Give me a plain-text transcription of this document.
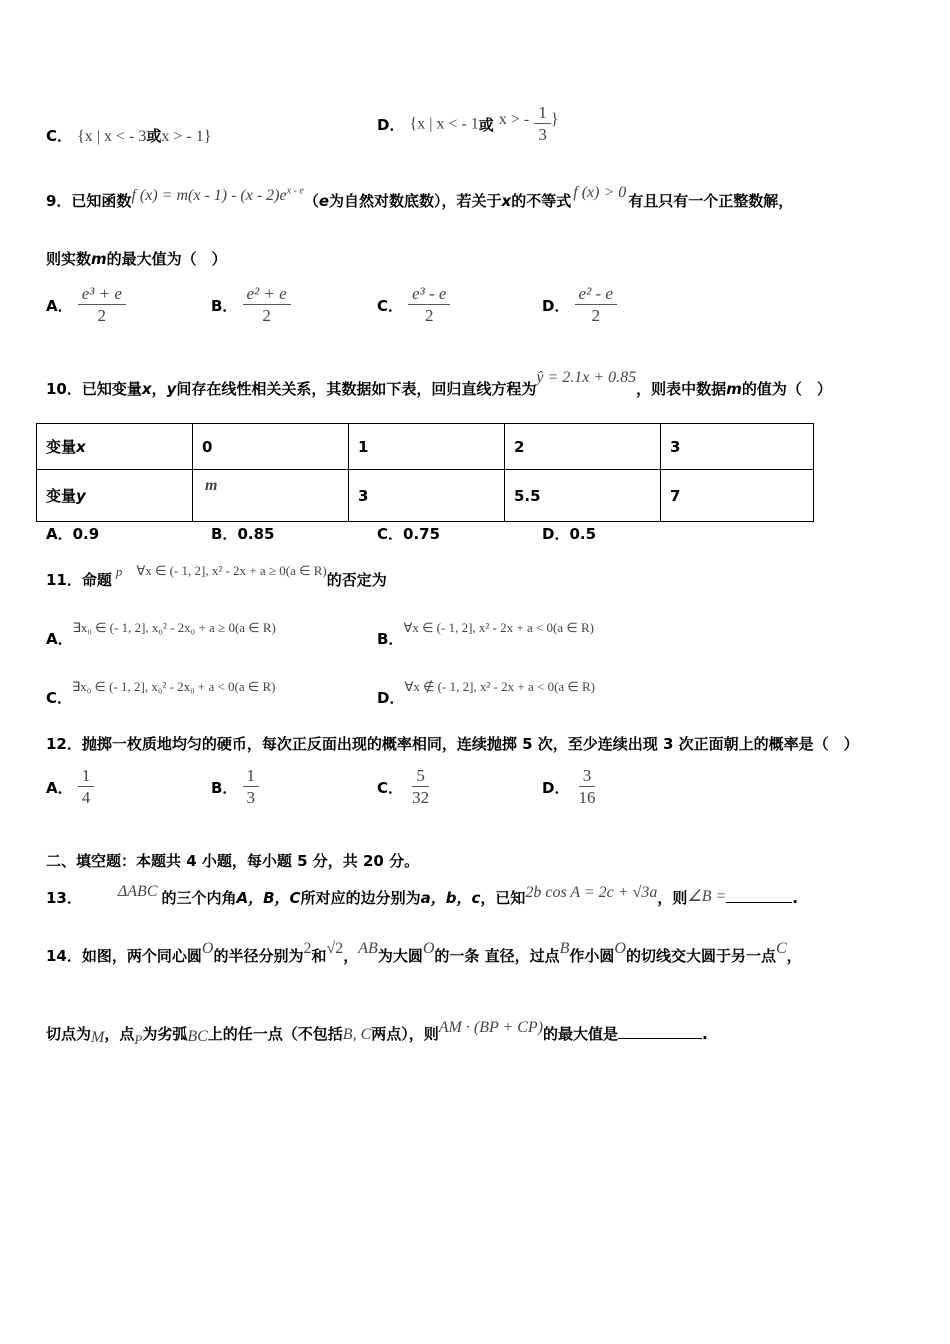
C． {x | x < - 3或x > - 1}
D． {x | x < - 1或 x > - $\frac{1}{3}$ }
9．已知函数f $(x) = m(x - 1) - (x - 2)e^{x - e}(e$为自然对数底数），若关于x的不等式 f (x) > 0 有且只有一个正整数解，
则实数m的最大值为（　）
A． $\frac{\text{e³ + e}}{2}$	B． $\frac{\text{e² + e}}{2}$	C． $\frac{\text{e³ - e}}{2}$	D． $\frac{\text{e² - e}}{2}$
10．已知变量x，y间存在线性相关关系，其数据如下表，回归直线方程为ŷ = 2.1x + 0.85，则表中数据m的值为（　）
变量x	0	1	2	3
变量y	m	3	5.5	7
A．0.9	B．0.85	C．0.75	D．0.5
11．命题 $^p$ $^{\forall x \in (- 1, 2], x^2 - 2x + a \ge 0(a \in R)}$的否定为
A．∃x₀ ∈ (- 1, 2], x₀² - 2x₀ + a ≥ 0(a ∈ R)
B．∀x ∈ (- 1, 2], x² - 2x + a < 0(a ∈ R)
C．∃x₀ ∈ (- 1, 2], x₀² - 2x₀ + a < 0(a ∈ R)
D．∀x ∉ (- 1, 2], x² - 2x + a < 0(a ∈ R)
12．抛掷一枚质地均匀的硬币，每次正反面出现的概率相同，连续抛掷 5 次，至少连续出现 3 次正面朝上的概率是（　）
A． $\frac{1}{4}$	B． $\frac{1}{3}$	C． $\frac{5}{32}$	D． $\frac{3}{16}$
二、填空题：本题共 4 小题，每小题 5 分，共 20 分。
13． ΔABC 的三个内角A，B，C所对应的边分别为a，b，c，已知2b cos A = 2c + √3a，则∠B =	.
14．如图，两个同心圆O的半径分别为2和√2，AB为大圆O的一条 直径，过点B作小圆O的切线交大圆于另一点C，
切点为M，点$_P$为劣弧BC上的任一点（不包括B, C两点），则AM · (BP + CP)的最大值是	.
